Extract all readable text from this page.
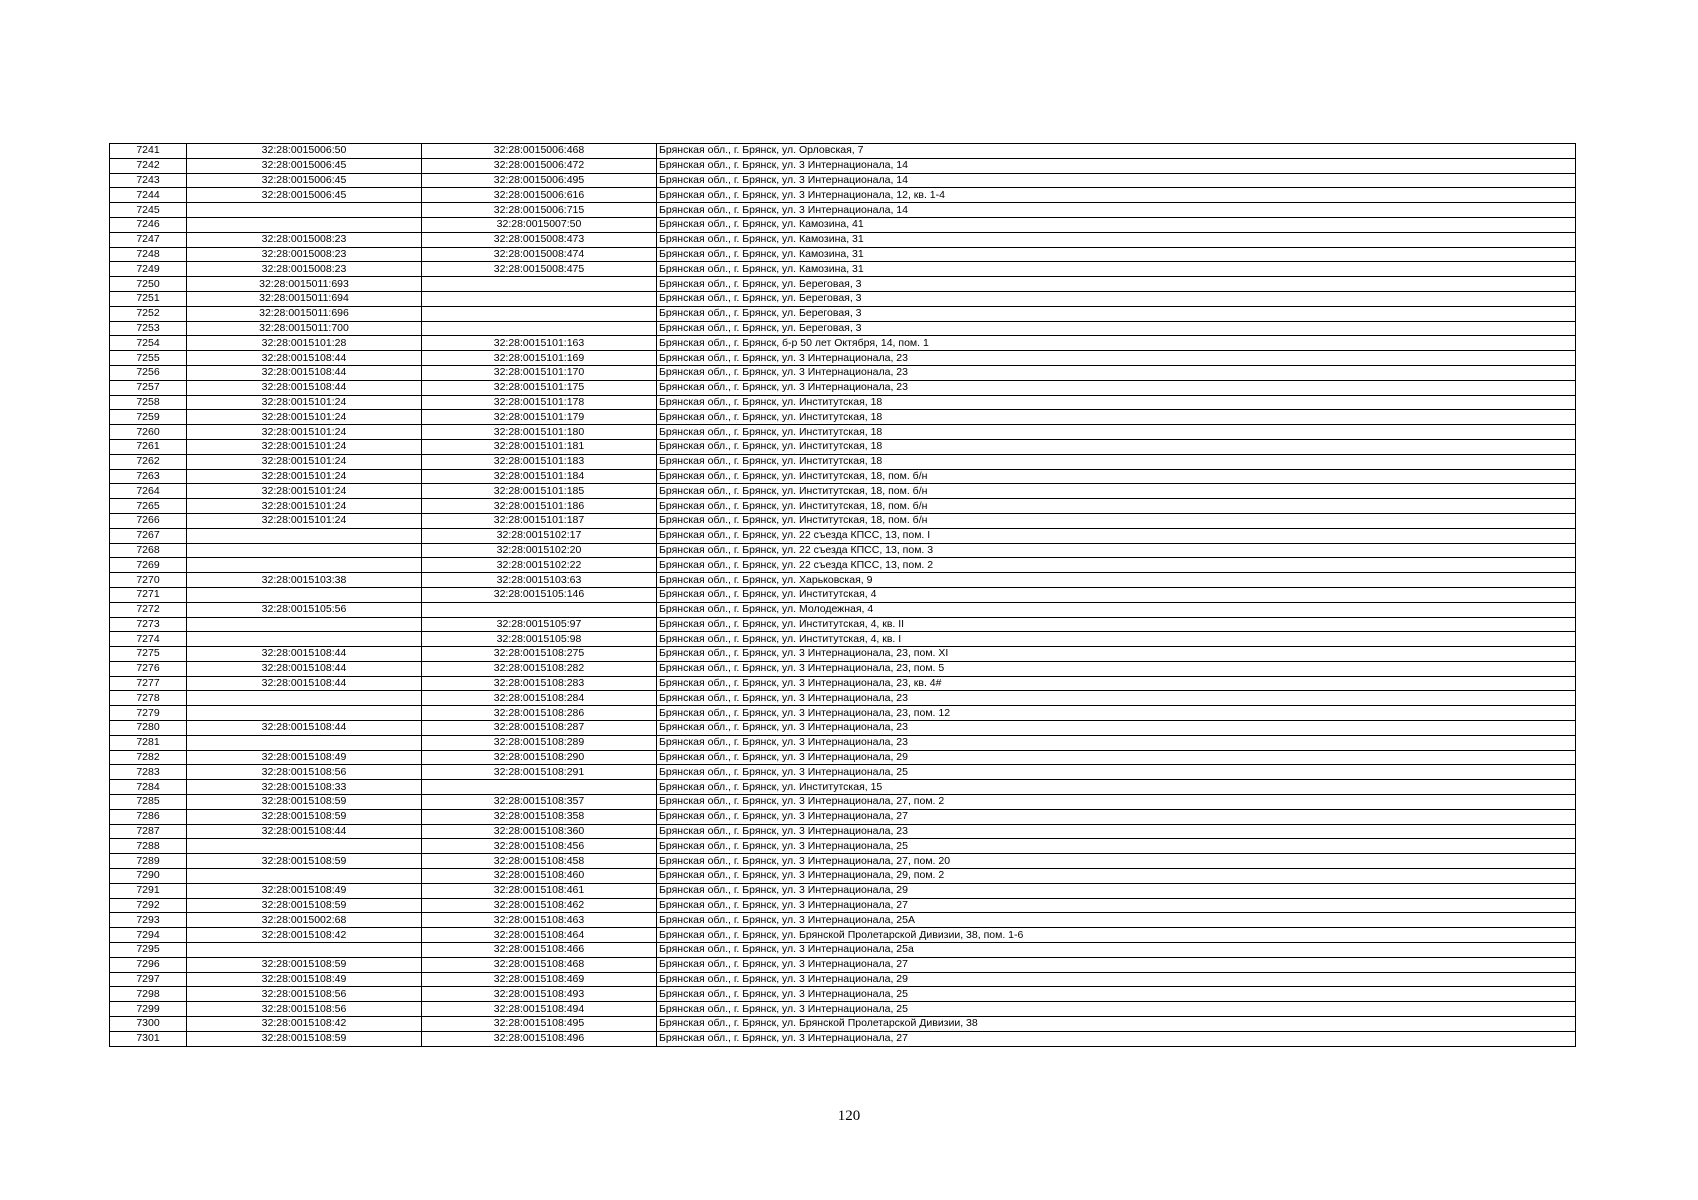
7241	32:28:0015006:50	32:28:0015006:468	Брянская обл., г. Брянск, ул. Орловская, 7
7242	32:28:0015006:45	32:28:0015006:472	Брянская обл., г. Брянск, ул. 3 Интернационала, 14
7243	32:28:0015006:45	32:28:0015006:495	Брянская обл., г. Брянск, ул. 3 Интернационала, 14
7244	32:28:0015006:45	32:28:0015006:616	Брянская обл., г. Брянск, ул. 3 Интернационала, 12, кв. 1-4
7245		32:28:0015006:715	Брянская обл., г. Брянск, ул. 3 Интернационала, 14
7246		32:28:0015007:50	Брянская обл., г. Брянск, ул. Камозина, 41
7247	32:28:0015008:23	32:28:0015008:473	Брянская обл., г. Брянск, ул. Камозина, 31
7248	32:28:0015008:23	32:28:0015008:474	Брянская обл., г. Брянск, ул. Камозина, 31
7249	32:28:0015008:23	32:28:0015008:475	Брянская обл., г. Брянск, ул. Камозина, 31
7250	32:28:0015011:693		Брянская обл., г. Брянск, ул. Береговая, 3
7251	32:28:0015011:694		Брянская обл., г. Брянск, ул. Береговая, 3
7252	32:28:0015011:696		Брянская обл., г. Брянск, ул. Береговая, 3
7253	32:28:0015011:700		Брянская обл., г. Брянск, ул. Береговая, 3
7254	32:28:0015101:28	32:28:0015101:163	Брянская обл., г. Брянск, б-р 50 лет Октября, 14, пом. 1
7255	32:28:0015108:44	32:28:0015101:169	Брянская обл., г. Брянск, ул. 3 Интернационала, 23
7256	32:28:0015108:44	32:28:0015101:170	Брянская обл., г. Брянск, ул. 3 Интернационала, 23
7257	32:28:0015108:44	32:28:0015101:175	Брянская обл., г. Брянск, ул. 3 Интернационала, 23
7258	32:28:0015101:24	32:28:0015101:178	Брянская обл., г. Брянск, ул. Институтская, 18
7259	32:28:0015101:24	32:28:0015101:179	Брянская обл., г. Брянск, ул. Институтская, 18
7260	32:28:0015101:24	32:28:0015101:180	Брянская обл., г. Брянск, ул. Институтская, 18
7261	32:28:0015101:24	32:28:0015101:181	Брянская обл., г. Брянск, ул. Институтская, 18
7262	32:28:0015101:24	32:28:0015101:183	Брянская обл., г. Брянск, ул. Институтская, 18
7263	32:28:0015101:24	32:28:0015101:184	Брянская обл., г. Брянск, ул. Институтская, 18, пом. б/н
7264	32:28:0015101:24	32:28:0015101:185	Брянская обл., г. Брянск, ул. Институтская, 18, пом. б/н
7265	32:28:0015101:24	32:28:0015101:186	Брянская обл., г. Брянск, ул. Институтская, 18, пом. б/н
7266	32:28:0015101:24	32:28:0015101:187	Брянская обл., г. Брянск, ул. Институтская, 18, пом. б/н
7267		32:28:0015102:17	Брянская обл., г. Брянск, ул. 22 съезда КПСС, 13, пом. I
7268		32:28:0015102:20	Брянская обл., г. Брянск, ул. 22 съезда КПСС, 13, пом. 3
7269		32:28:0015102:22	Брянская обл., г. Брянск, ул. 22 съезда КПСС, 13, пом. 2
7270	32:28:0015103:38	32:28:0015103:63	Брянская обл., г. Брянск, ул. Харьковская, 9
7271		32:28:0015105:146	Брянская обл., г. Брянск, ул. Институтская, 4
7272	32:28:0015105:56		Брянская обл., г. Брянск, ул. Молодежная, 4
7273		32:28:0015105:97	Брянская обл., г. Брянск, ул. Институтская, 4, кв. II
7274		32:28:0015105:98	Брянская обл., г. Брянск, ул. Институтская, 4, кв. I
7275	32:28:0015108:44	32:28:0015108:275	Брянская обл., г. Брянск, ул. 3 Интернационала, 23, пом. XI
7276	32:28:0015108:44	32:28:0015108:282	Брянская обл., г. Брянск, ул. 3 Интернационала, 23, пом. 5
7277	32:28:0015108:44	32:28:0015108:283	Брянская обл., г. Брянск, ул. 3 Интернационала, 23, кв. 4#
7278		32:28:0015108:284	Брянская обл., г. Брянск, ул. 3 Интернационала, 23
7279		32:28:0015108:286	Брянская обл., г. Брянск, ул. 3 Интернационала, 23, пом. 12
7280	32:28:0015108:44	32:28:0015108:287	Брянская обл., г. Брянск, ул. 3 Интернационала, 23
7281		32:28:0015108:289	Брянская обл., г. Брянск, ул. 3 Интернационала, 23
7282	32:28:0015108:49	32:28:0015108:290	Брянская обл., г. Брянск, ул. 3 Интернационала, 29
7283	32:28:0015108:56	32:28:0015108:291	Брянская обл., г. Брянск, ул. 3 Интернационала, 25
7284	32:28:0015108:33		Брянская обл., г. Брянск, ул. Институтская, 15
7285	32:28:0015108:59	32:28:0015108:357	Брянская обл., г. Брянск, ул. 3 Интернационала, 27, пом. 2
7286	32:28:0015108:59	32:28:0015108:358	Брянская обл., г. Брянск, ул. 3 Интернационала, 27
7287	32:28:0015108:44	32:28:0015108:360	Брянская обл., г. Брянск, ул. 3 Интернационала, 23
7288		32:28:0015108:456	Брянская обл., г. Брянск, ул. 3 Интернационала, 25
7289	32:28:0015108:59	32:28:0015108:458	Брянская обл., г. Брянск, ул. 3 Интернационала, 27, пом. 20
7290		32:28:0015108:460	Брянская обл., г. Брянск, ул. 3 Интернационала, 29, пом. 2
7291	32:28:0015108:49	32:28:0015108:461	Брянская обл., г. Брянск, ул. 3 Интернационала, 29
7292	32:28:0015108:59	32:28:0015108:462	Брянская обл., г. Брянск, ул. 3 Интернационала, 27
7293	32:28:0015002:68	32:28:0015108:463	Брянская обл., г. Брянск, ул. 3 Интернационала, 25А
7294	32:28:0015108:42	32:28:0015108:464	Брянская обл., г. Брянск, ул. Брянской Пролетарской Дивизии, 38, пом. 1-6
7295		32:28:0015108:466	Брянская обл., г. Брянск, ул. 3 Интернационала, 25а
7296	32:28:0015108:59	32:28:0015108:468	Брянская обл., г. Брянск, ул. 3 Интернационала, 27
7297	32:28:0015108:49	32:28:0015108:469	Брянская обл., г. Брянск, ул. 3 Интернационала, 29
7298	32:28:0015108:56	32:28:0015108:493	Брянская обл., г. Брянск, ул. 3 Интернационала, 25
7299	32:28:0015108:56	32:28:0015108:494	Брянская обл., г. Брянск, ул. 3 Интернационала, 25
7300	32:28:0015108:42	32:28:0015108:495	Брянская обл., г. Брянск, ул. Брянской Пролетарской Дивизии, 38
7301	32:28:0015108:59	32:28:0015108:496	Брянская обл., г. Брянск, ул. 3 Интернационала, 27
120
